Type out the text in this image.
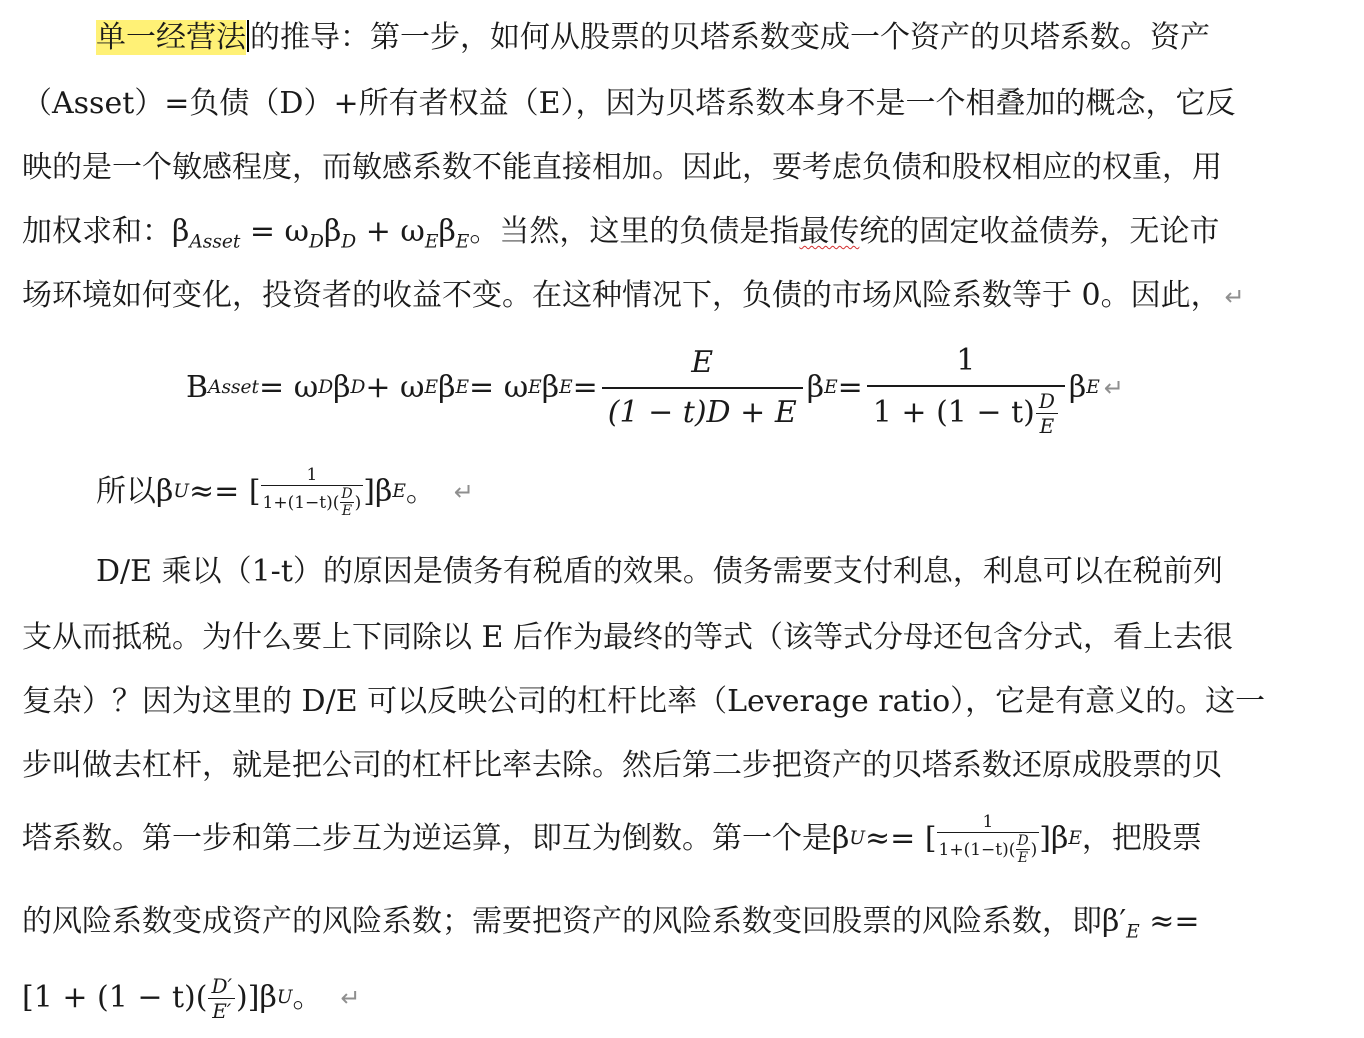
单一经营法 的推导：第一步，如何从股票的贝塔系数变成一个资产的贝塔系数。资产
（Asset）=负债（D）+所有者权益（E），因为贝塔系数本身不是一个相叠加的概念，它反
映的是一个敏感程度，而敏感系数不能直接相加。因此，要考虑负债和股权相应的权重，用
加权求和：$\beta_{Asset} = \omega_D\beta_D + \omega_E\beta_E$。当然，这里的负债是指最传统的固定收益债券，无论市
场环境如何变化，投资者的收益不变。在这种情况下，负债的市场风险系数等于 0。因此， ↵
B Asset = ω D β D + ω E β E = ω E β $E = \frac{E}{(1 - t)D + E}$ β $E = \frac{1}{1 + (1 - t) \frac{D}{E}}$ β E ↵
所以 β U ≈= [ $\frac{1}{1+(1-t)( \frac{D}{E} )} ]\beta$ E 。 ↵
D/E 乘以（1-t）的原因是债务有税盾的效果。债务需要支付利息，利息可以在税前列
支从而抵税。为什么要上下同除以 E 后作为最终的等式（该等式分母还包含分式，看上去很
复杂）？因为这里的 D/E 可以反映公司的杠杆比率（Leverage ratio），它是有意义的。这一
步叫做去杠杆，就是把公司的杠杆比率去除。然后第二步把资产的贝塔系数还原成股票的贝
塔系数。第一步和第二步互为逆运算，即互为倒数。第一个是 β U ≈= [ $\frac{1}{1+(1-t)( \frac{D}{E} )} ]\beta$ E ，把股票
的风险系数变成资产的风险系数；需要把资产的风险系数变回股票的风险系数，即$\beta'_E$ ≈=
$[1 + (1 - t)( \frac{D'}{E'} )]\beta$ U 。 ↵
